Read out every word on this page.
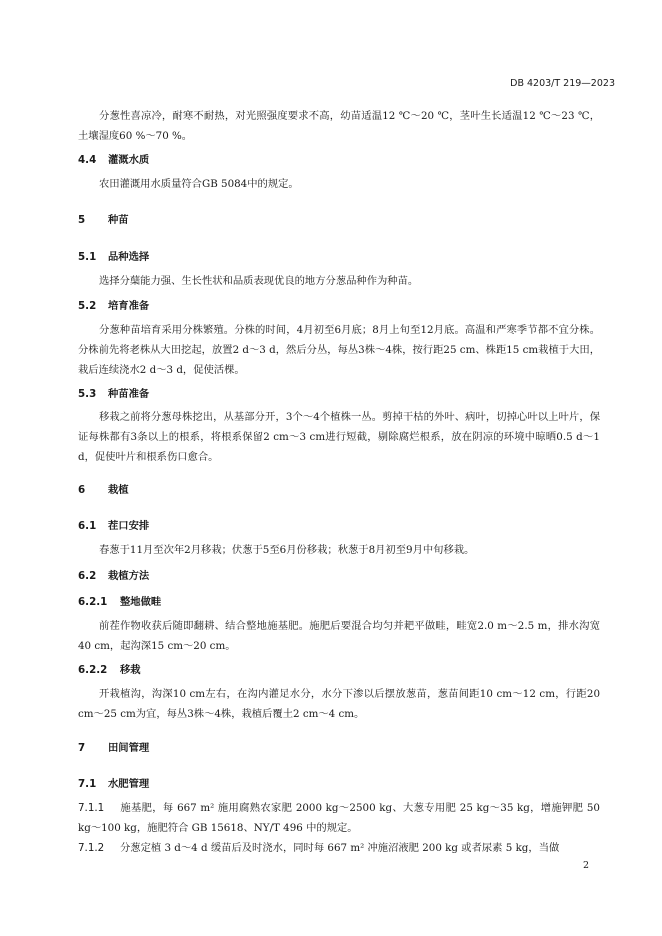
DB 4203/T 219—2023

分葱性喜凉冷，耐寒不耐热，对光照强度要求不高，幼苗适温12 ℃～20 ℃，茎叶生长适温12 ℃～23 ℃，土壤湿度60 %～70 %。

4.4 灌溉水质

农田灌溉用水质量符合GB 5084中的规定。

5 种苗
5.1 品种选择

选择分蘖能力强、生长性状和品质表现优良的地方分葱品种作为种苗。

5.2 培育准备

分葱种苗培育采用分株繁殖。分株的时间，4月初至6月底；8月上旬至12月底。高温和严寒季节都不宜分株。分株前先将老株从大田挖起，放置2 d～3 d，然后分丛，每丛3株～4株，按行距25 cm、株距15 cm栽植于大田，栽后连续浇水2 d～3 d，促使活棵。

5.3 种苗准备

移栽之前将分葱母株挖出，从基部分开，3个～4个植株一丛。剪掉干枯的外叶、病叶，切掉心叶以上叶片，保证每株都有3条以上的根系，将根系保留2 cm～3 cm进行短截，剔除腐烂根系，放在阴凉的环境中晾晒0.5 d～1 d，促使叶片和根系伤口愈合。

6 栽植
6.1 茬口安排

春葱于11月至次年2月移栽；伏葱于5至6月份移栽；秋葱于8月初至9月中旬移栽。

6.2 栽植方法
6.2.1 整地做畦

前茬作物收获后随即翻耕、结合整地施基肥。施肥后要混合均匀并耙平做畦，畦宽2.0 m～2.5 m，排水沟宽40 cm，起沟深15 cm～20 cm。

6.2.2 移栽

开栽植沟，沟深10 cm左右，在沟内灌足水分，水分下渗以后摆放葱苗，葱苗间距10 cm～12 cm，行距20 cm～25 cm为宜，每丛3株～4株，栽植后覆土2 cm～4 cm。

7 田间管理
7.1 水肥管理

7.1.1 施基肥，每 667 m² 施用腐熟农家肥 2000 kg～2500 kg、大葱专用肥 25 kg～35 kg，增施钾肥 50 kg～100 kg，施肥符合 GB 15618、NY/T 496 中的规定。

7.1.2 分葱定植 3 d～4 d 缓苗后及时浇水，同时每 667 m² 冲施沼液肥 200 kg 或者尿素 5 kg，当做

2
